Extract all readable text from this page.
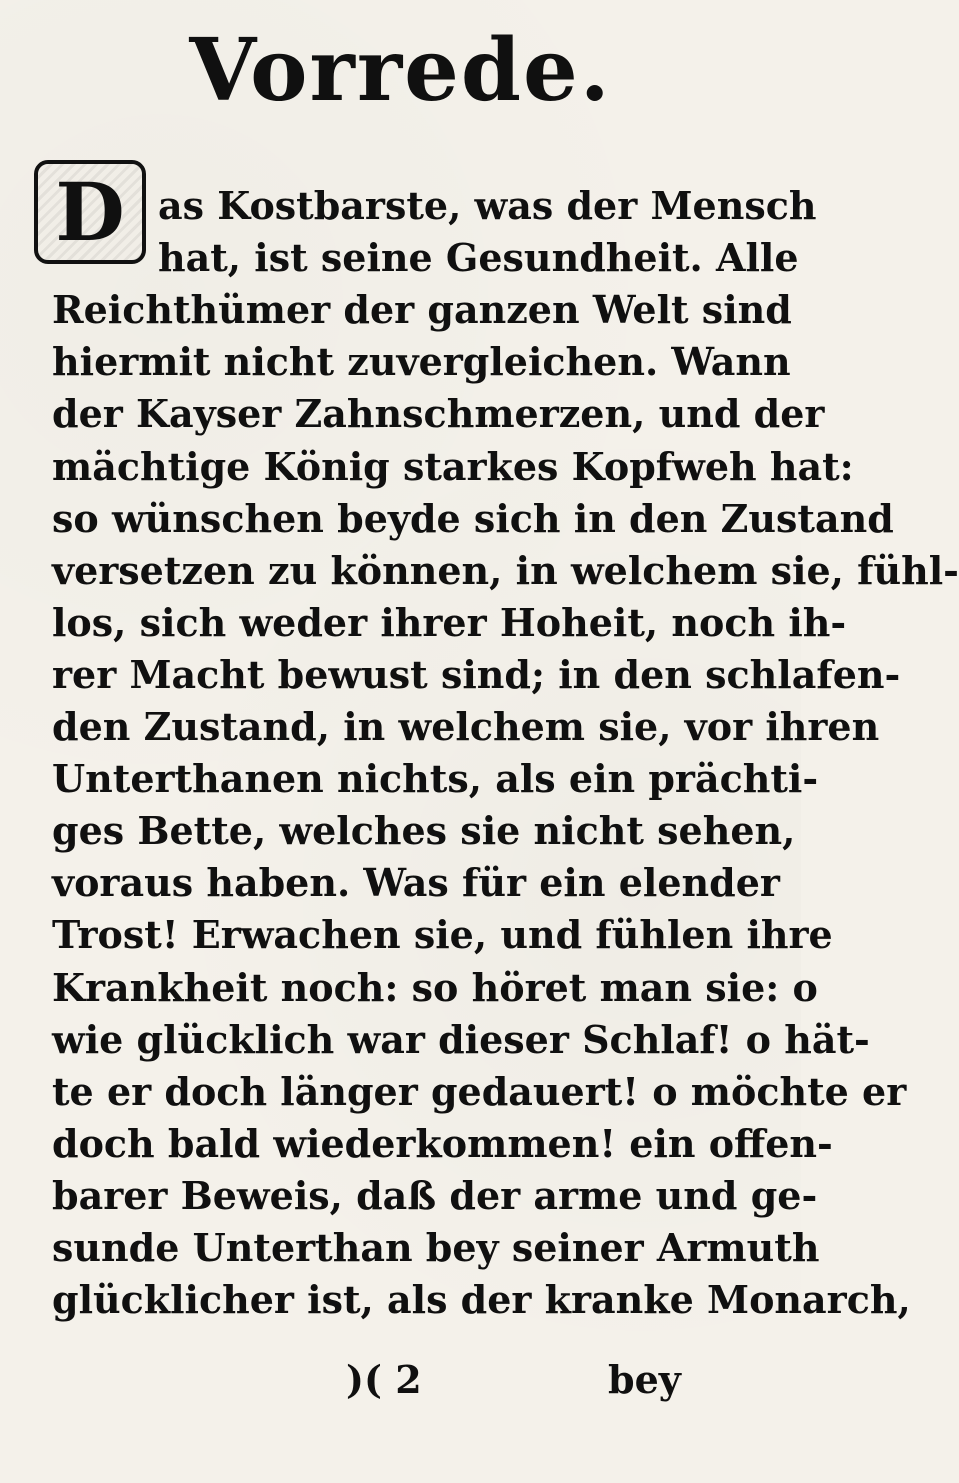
Vorrede.
D as Kostbarste, was der Mensch
hat, ist seine Gesundheit. Alle
Reichthümer der ganzen Welt sind
hiermit nicht zuvergleichen. Wann
der Kayser Zahnschmerzen, und der
mächtige König starkes Kopfweh hat:
so wünschen beyde sich in den Zustand
versetzen zu können, in welchem sie, fühl-
los, sich weder ihrer Hoheit, noch ih-
rer Macht bewust sind; in den schlafen-
den Zustand, in welchem sie, vor ihren
Unterthanen nichts, als ein prächti-
ges Bette, welches sie nicht sehen,
voraus haben. Was für ein elender
Trost! Erwachen sie, und fühlen ihre
Krankheit noch: so höret man sie: o
wie glücklich war dieser Schlaf! o hät-
te er doch länger gedauert! o möchte er
doch bald wiederkommen! ein offen-
barer Beweis, daß der arme und ge-
sunde Unterthan bey seiner Armuth
glücklicher ist, als der kranke Monarch,
)( 2	bey
